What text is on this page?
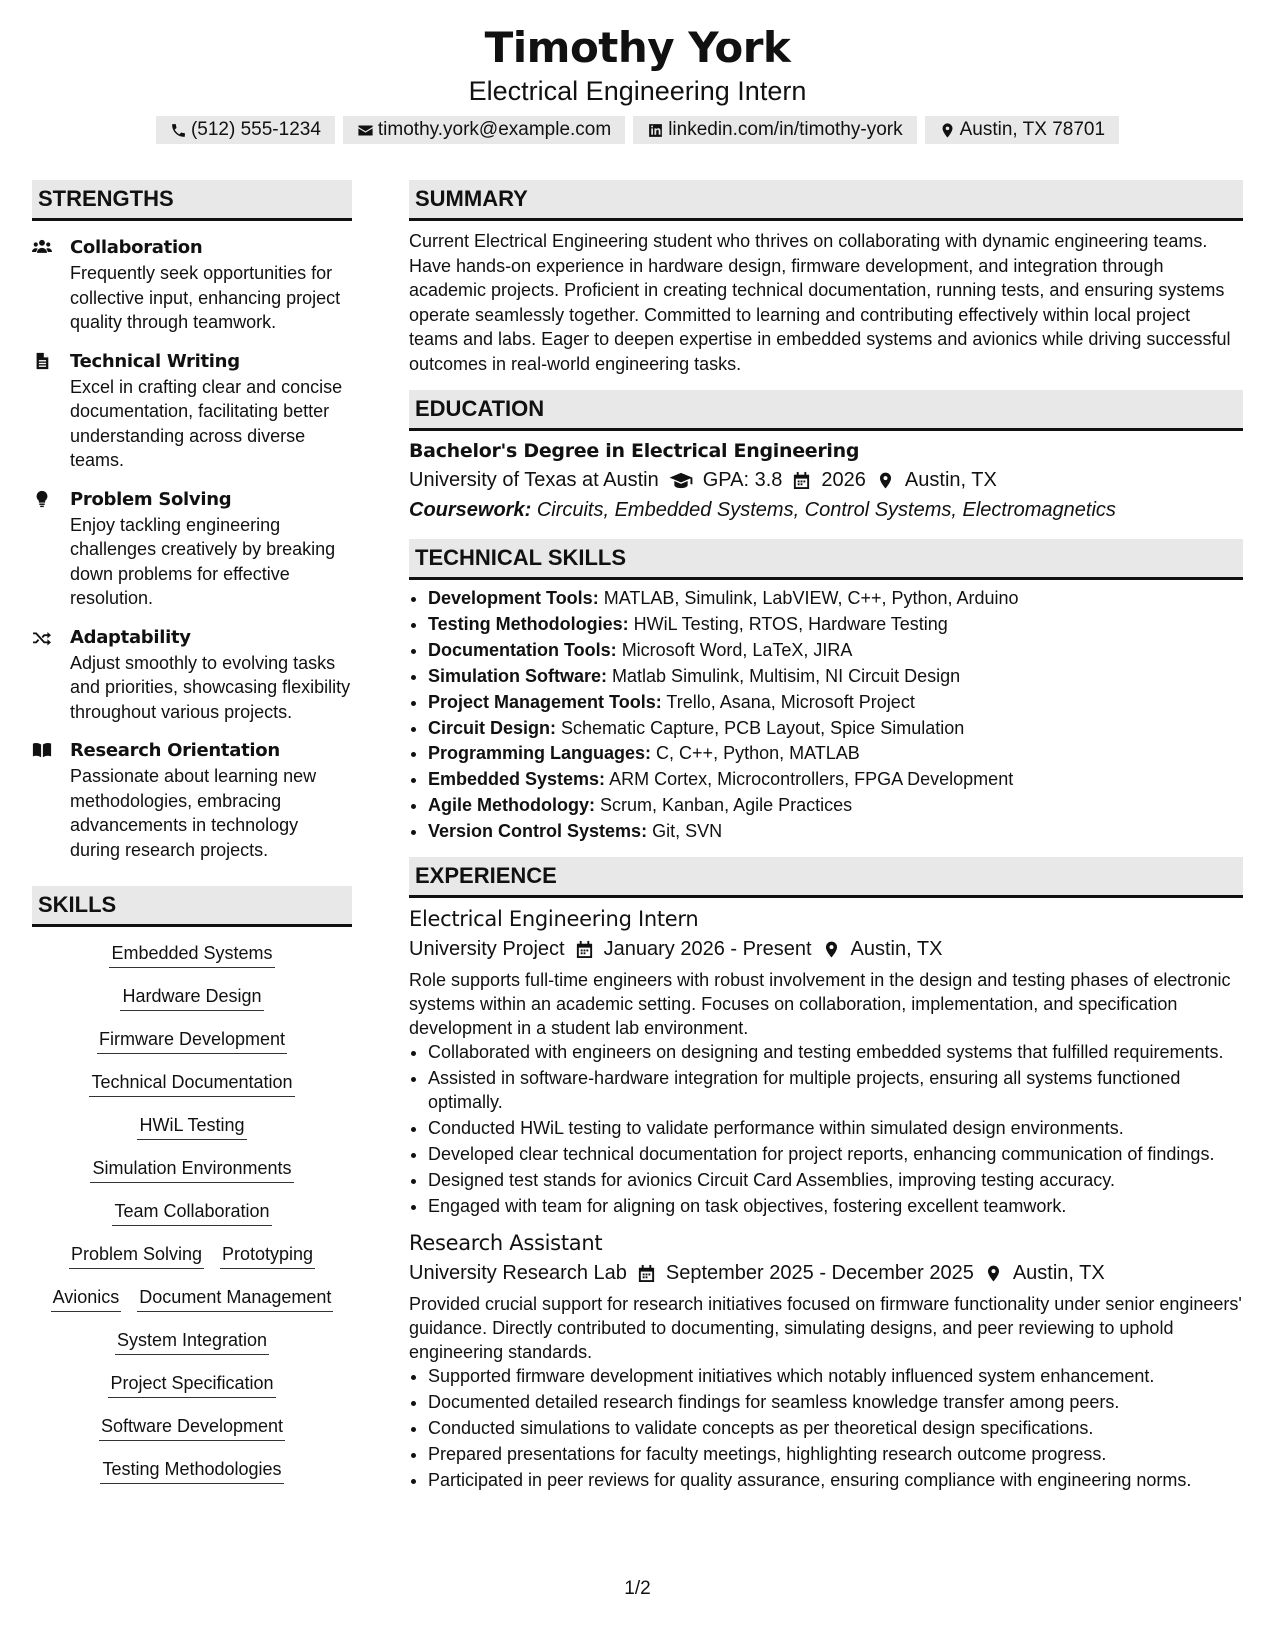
Timothy York
Electrical Engineering Intern
(512) 555-1234	timothy.york@example.com	linkedin.com/in/timothy-york	Austin, TX 78701
STRENGTHS
Collaboration
Frequently seek opportunities for collective input, enhancing project quality through teamwork.
Technical Writing
Excel in crafting clear and concise documentation, facilitating better understanding across diverse teams.
Problem Solving
Enjoy tackling engineering challenges creatively by breaking down problems for effective resolution.
Adaptability
Adjust smoothly to evolving tasks and priorities, showcasing flexibility throughout various projects.
Research Orientation
Passionate about learning new methodologies, embracing advancements in technology during research projects.
SKILLS
Embedded Systems
Hardware Design
Firmware Development
Technical Documentation
HWiL Testing
Simulation Environments
Team Collaboration
Problem Solving Prototyping
Avionics Document Management
System Integration
Project Specification
Software Development
Testing Methodologies
SUMMARY
Current Electrical Engineering student who thrives on collaborating with dynamic engineering teams. Have hands-on experience in hardware design, firmware development, and integration through academic projects. Proficient in creating technical documentation, running tests, and ensuring systems operate seamlessly together. Committed to learning and contributing effectively within local project teams and labs. Eager to deepen expertise in embedded systems and avionics while driving successful outcomes in real-world engineering tasks.
EDUCATION
Bachelor's Degree in Electrical Engineering
University of Texas at Austin GPA: 3.8 2026 Austin, TX
Coursework: Circuits, Embedded Systems, Control Systems, Electromagnetics
TECHNICAL SKILLS
• Development Tools: MATLAB, Simulink, LabVIEW, C++, Python, Arduino
• Testing Methodologies: HWiL Testing, RTOS, Hardware Testing
• Documentation Tools: Microsoft Word, LaTeX, JIRA
• Simulation Software: Matlab Simulink, Multisim, NI Circuit Design
• Project Management Tools: Trello, Asana, Microsoft Project
• Circuit Design: Schematic Capture, PCB Layout, Spice Simulation
• Programming Languages: C, C++, Python, MATLAB
• Embedded Systems: ARM Cortex, Microcontrollers, FPGA Development
• Agile Methodology: Scrum, Kanban, Agile Practices
• Version Control Systems: Git, SVN
EXPERIENCE
Electrical Engineering Intern
University Project January 2026 - Present Austin, TX
Role supports full-time engineers with robust involvement in the design and testing phases of electronic systems within an academic setting. Focuses on collaboration, implementation, and specification development in a student lab environment.
• Collaborated with engineers on designing and testing embedded systems that fulfilled requirements.
• Assisted in software-hardware integration for multiple projects, ensuring all systems functioned optimally.
• Conducted HWiL testing to validate performance within simulated design environments.
• Developed clear technical documentation for project reports, enhancing communication of findings.
• Designed test stands for avionics Circuit Card Assemblies, improving testing accuracy.
• Engaged with team for aligning on task objectives, fostering excellent teamwork.
Research Assistant
University Research Lab September 2025 - December 2025 Austin, TX
Provided crucial support for research initiatives focused on firmware functionality under senior engineers' guidance. Directly contributed to documenting, simulating designs, and peer reviewing to uphold engineering standards.
• Supported firmware development initiatives which notably influenced system enhancement.
• Documented detailed research findings for seamless knowledge transfer among peers.
• Conducted simulations to validate concepts as per theoretical design specifications.
• Prepared presentations for faculty meetings, highlighting research outcome progress.
• Participated in peer reviews for quality assurance, ensuring compliance with engineering norms.
1/2
